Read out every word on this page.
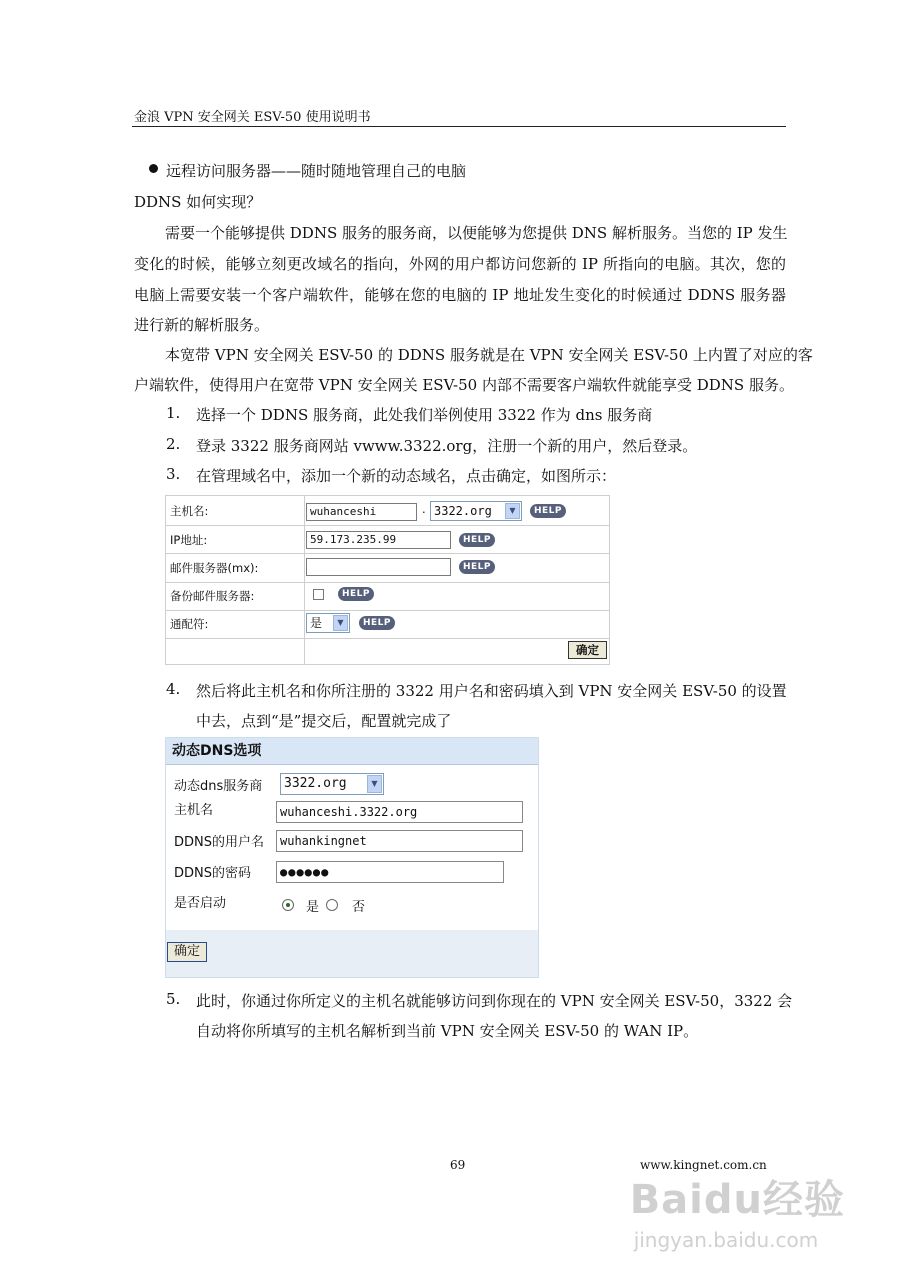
金浪 VPN 安全网关 ESV-50 使用说明书
远程访问服务器——随时随地管理自己的电脑
DDNS 如何实现？
需要一个能够提供 DDNS 服务的服务商，以便能够为您提供 DNS 解析服务。当您的 IP 发生
变化的时候，能够立刻更改域名的指向，外网的用户都访问您新的 IP 所指向的电脑。其次，您的
电脑上需要安装一个客户端软件，能够在您的电脑的 IP 地址发生变化的时候通过 DDNS 服务器
进行新的解析服务。
本宽带 VPN 安全网关 ESV-50 的 DDNS 服务就是在 VPN 安全网关 ESV-50 上内置了对应的客
户端软件，使得用户在宽带 VPN 安全网关 ESV-50 内部不需要客户端软件就能享受 DDNS 服务。
1. 选择一个 DDNS 服务商，此处我们举例使用 3322 作为 dns 服务商
2. 登录 3322 服务商网站 vwww.3322.org，注册一个新的用户，然后登录。
3. 在管理域名中，添加一个新的动态域名，点击确定，如图所示：
主机名:	wuhanceshi	. 3322.org	▼	HELP
IP地址:	59.173.235.99	HELP
邮件服务器(mx):	HELP
备份邮件服务器:	HELP
通配符:	是	▼	HELP
确定
4. 然后将此主机名和你所注册的 3322 用户名和密码填入到 VPN 安全网关 ESV-50 的设置
中去，点到“是”提交后，配置就完成了
动态DNS选项
动态dns服务商	3322.org	▼
主机名	wuhanceshi.3322.org
DDNS的用户名	wuhankingnet
DDNS的密码	●●●●●●
是否启动	是	否
确定
5. 此时，你通过你所定义的主机名就能够访问到你现在的 VPN 安全网关 ESV-50，3322 会
自动将你所填写的主机名解析到当前 VPN 安全网关 ESV-50 的 WAN IP。
69	www.kingnet.com.cn
Baidu经验
jingyan.baidu.com
